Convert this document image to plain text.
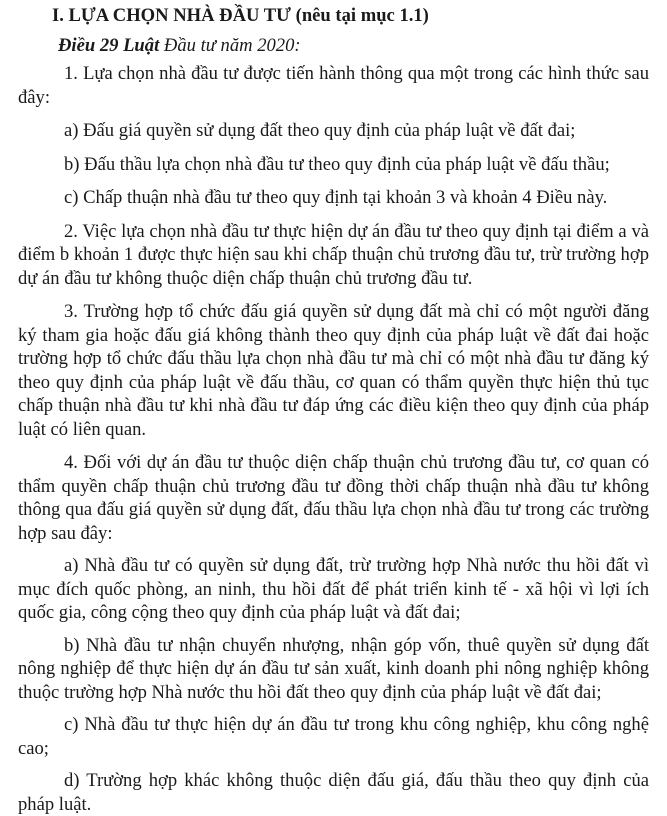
I. LỰA CHỌN NHÀ ĐẦU TƯ (nêu tại mục 1.1)
Điều 29 Luật Đầu tư năm 2020:

1. Lựa chọn nhà đầu tư được tiến hành thông qua một trong các hình thức sau đây:

a) Đấu giá quyền sử dụng đất theo quy định của pháp luật về đất đai;

b) Đấu thầu lựa chọn nhà đầu tư theo quy định của pháp luật về đấu thầu;

c) Chấp thuận nhà đầu tư theo quy định tại khoản 3 và khoản 4 Điều này.

2. Việc lựa chọn nhà đầu tư thực hiện dự án đầu tư theo quy định tại điểm a và điểm b khoản 1 được thực hiện sau khi chấp thuận chủ trương đầu tư, trừ trường hợp dự án đầu tư không thuộc diện chấp thuận chủ trương đầu tư.

3. Trường hợp tổ chức đấu giá quyền sử dụng đất mà chỉ có một người đăng ký tham gia hoặc đấu giá không thành theo quy định của pháp luật về đất đai hoặc trường hợp tổ chức đấu thầu lựa chọn nhà đầu tư mà chỉ có một nhà đầu tư đăng ký theo quy định của pháp luật về đấu thầu, cơ quan có thẩm quyền thực hiện thủ tục chấp thuận nhà đầu tư khi nhà đầu tư đáp ứng các điều kiện theo quy định của pháp luật có liên quan.

4. Đối với dự án đầu tư thuộc diện chấp thuận chủ trương đầu tư, cơ quan có thẩm quyền chấp thuận chủ trương đầu tư đồng thời chấp thuận nhà đầu tư không thông qua đấu giá quyền sử dụng đất, đấu thầu lựa chọn nhà đầu tư trong các trường hợp sau đây:

a) Nhà đầu tư có quyền sử dụng đất, trừ trường hợp Nhà nước thu hồi đất vì mục đích quốc phòng, an ninh, thu hồi đất để phát triển kinh tế - xã hội vì lợi ích quốc gia, công cộng theo quy định của pháp luật và đất đai;

b) Nhà đầu tư nhận chuyển nhượng, nhận góp vốn, thuê quyền sử dụng đất nông nghiệp để thực hiện dự án đầu tư sản xuất, kinh doanh phi nông nghiệp không thuộc trường hợp Nhà nước thu hồi đất theo quy định của pháp luật về đất đai;

c) Nhà đầu tư thực hiện dự án đầu tư trong khu công nghiệp, khu công nghệ cao;

d) Trường hợp khác không thuộc diện đấu giá, đấu thầu theo quy định của pháp luật.
